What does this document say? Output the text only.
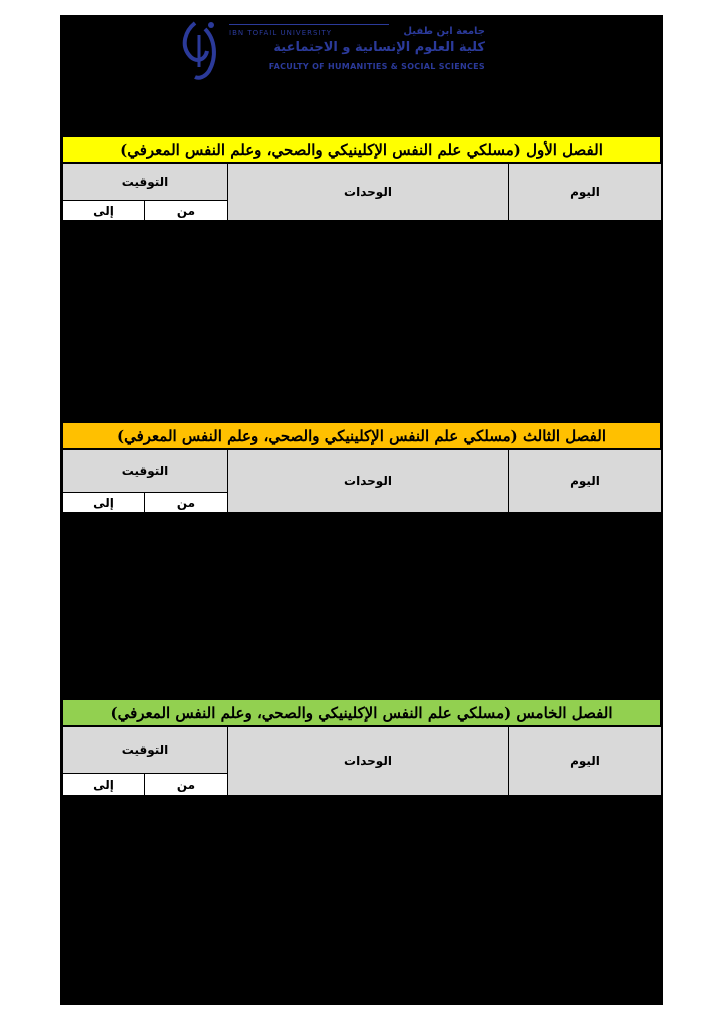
IBN TOFAIL UNIVERSITY	جامعة ابن طفيل
كلية العلوم الإنسانية و الاجتماعية
FACULTY OF HUMANITIES & SOCIAL SCIENCES
الفصل الأول (مسلكي علم النفس الإكلينيكي والصحي، وعلم النفس المعرفي)
التوقيت		الوحدات	اليوم
إلى	من		
الفصل الثالث (مسلكي علم النفس الإكلينيكي والصحي، وعلم النفس المعرفي)
التوقيت		الوحدات	اليوم
إلى	من		
الفصل الخامس (مسلكي علم النفس الإكلينيكي والصحي، وعلم النفس المعرفي)
التوقيت		الوحدات	اليوم
إلى	من		
